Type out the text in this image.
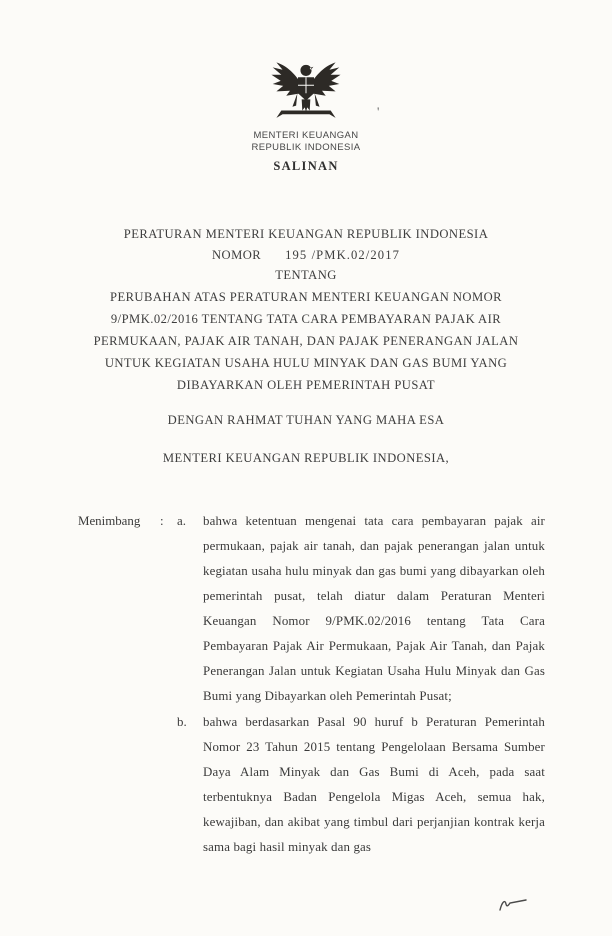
MENTERI KEUANGAN
REPUBLIK INDONESIA
SALINAN
'
PERATURAN MENTERI KEUANGAN REPUBLIK INDONESIA
NOMOR 195 /PMK.02/2017
TENTANG
PERUBAHAN ATAS PERATURAN MENTERI KEUANGAN NOMOR
9/PMK.02/2016 TENTANG TATA CARA PEMBAYARAN PAJAK AIR
PERMUKAAN, PAJAK AIR TANAH, DAN PAJAK PENERANGAN JALAN
UNTUK KEGIATAN USAHA HULU MINYAK DAN GAS BUMI YANG
DIBAYARKAN OLEH PEMERINTAH PUSAT
DENGAN RAHMAT TUHAN YANG MAHA ESA
MENTERI KEUANGAN REPUBLIK INDONESIA,
Menimbang	:	a.	bahwa ketentuan mengenai tata cara pembayaran pajak air permukaan, pajak air tanah, dan pajak penerangan jalan untuk kegiatan usaha hulu minyak dan gas bumi yang dibayarkan oleh pemerintah pusat, telah diatur dalam Peraturan Menteri Keuangan Nomor 9/PMK.02/2016 tentang Tata Cara Pembayaran Pajak Air Permukaan, Pajak Air Tanah, dan Pajak Penerangan Jalan untuk Kegiatan Usaha Hulu Minyak dan Gas Bumi yang Dibayarkan oleh Pemerintah Pusat;
b.	bahwa berdasarkan Pasal 90 huruf b Peraturan Pemerintah Nomor 23 Tahun 2015 tentang Pengelolaan Bersama Sumber Daya Alam Minyak dan Gas Bumi di Aceh, pada saat terbentuknya Badan Pengelola Migas Aceh, semua hak, kewajiban, dan akibat yang timbul dari perjanjian kontrak kerja sama bagi hasil minyak dan gas
